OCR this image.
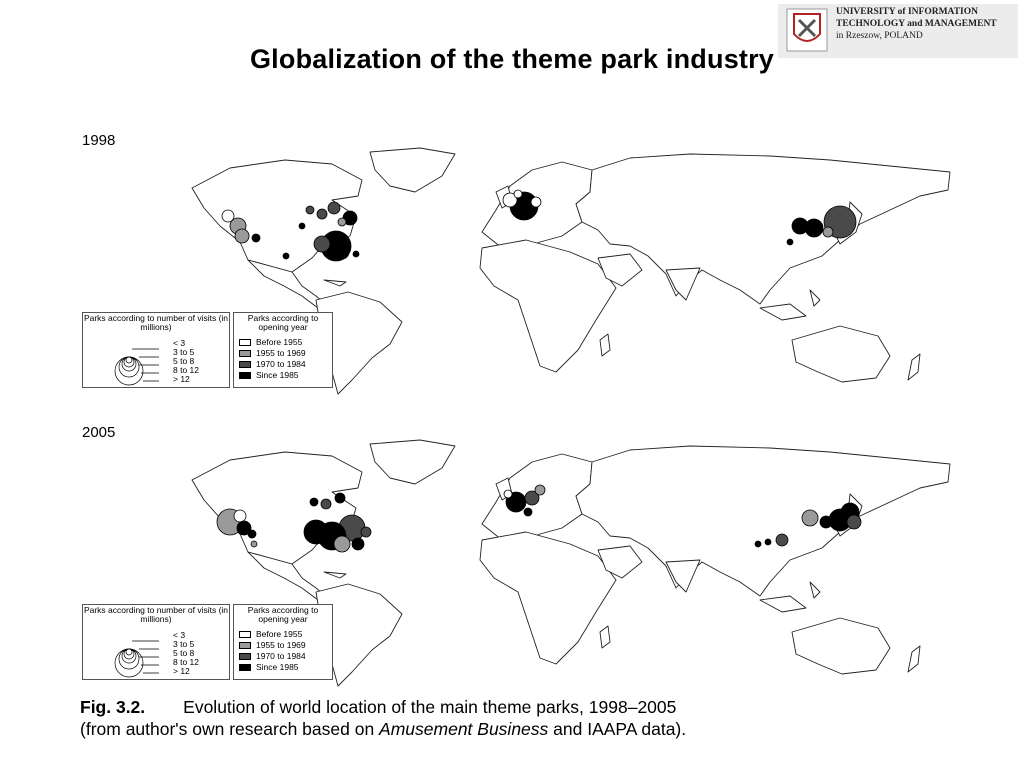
UNIVERSITY of INFORMATION
TECHNOLOGY and MANAGEMENT
in Rzeszow, POLAND
Globalization of the theme park industry
1998
Parks according to number of visits (in millions)
< 3
3 to 5
5 to 8
8 to 12
> 12
Parks according to opening year
Before 1955
1955 to 1969
1970 to 1984
Since 1985
2005
Parks according to number of visits (in millions)
< 3
3 to 5
5 to 8
8 to 12
> 12
Parks according to opening year
Before 1955
1955 to 1969
1970 to 1984
Since 1985
Fig. 3.2. Evolution of world location of the main theme parks, 1998–2005
(from author's own research based on Amusement Business and IAAPA data).
